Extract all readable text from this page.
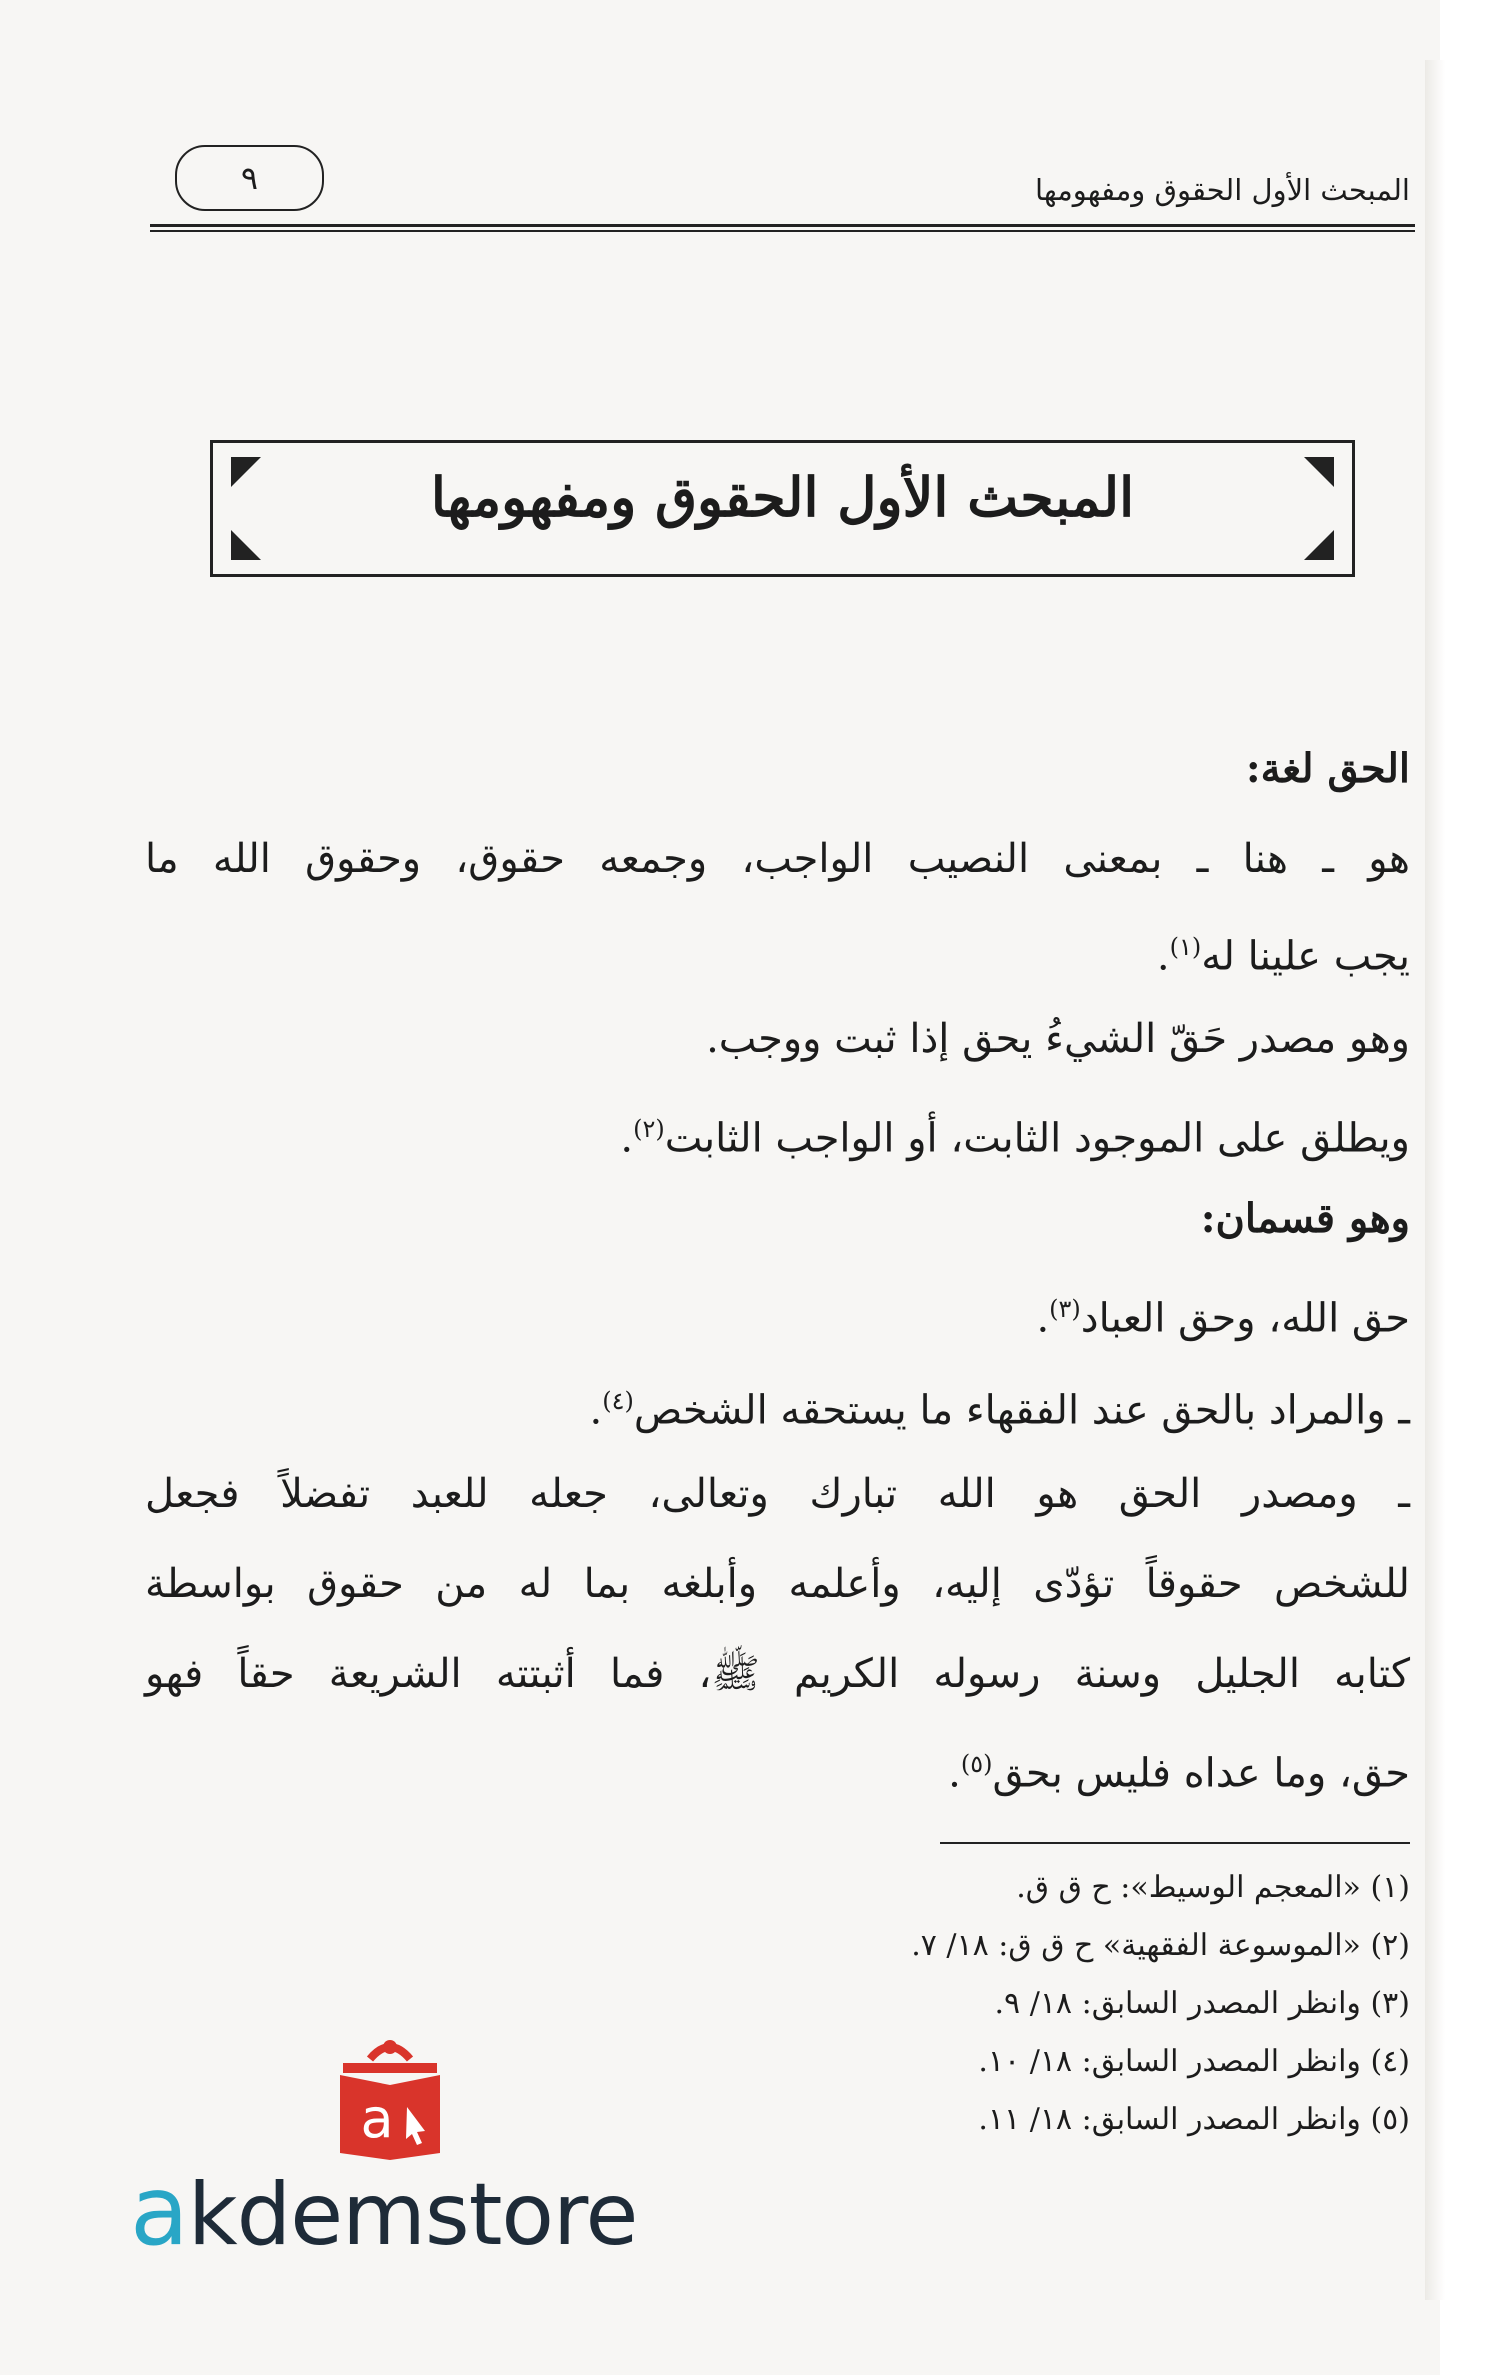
٩	المبحث الأول الحقوق ومفهومها
المبحث الأول الحقوق ومفهومها
الحق لغة:
هو ـ هنا ـ بمعنى النصيب الواجب، وجمعه حقوق، وحقوق الله ما
يجب علينا له$^{(١)}$.
وهو مصدر حَقّ الشيءُ يحق إذا ثبت ووجب.
ويطلق على الموجود الثابت، أو الواجب الثابت$^{(٢)}$.
وهو قسمان:
حق الله، وحق العباد$^{(٣)}$.
ـ والمراد بالحق عند الفقهاء ما يستحقه الشخص$^{(٤)}$.
ـ ومصدر الحق هو الله تبارك وتعالى، جعله للعبد تفضلاً فجعل
للشخص حقوقاً تؤدّى إليه، وأعلمه وأبلغه بما له من حقوق بواسطة
كتابه الجليل وسنة رسوله الكريم ﷺ، فما أثبتته الشريعة حقاً فهو
حق، وما عداه فليس بحق$^{(٥)}$.
(١) «المعجم الوسيط»: ح ق ق.
(٢) «الموسوعة الفقهية» ح ق ق: ١٨/ ٧.
(٣) وانظر المصدر السابق: ١٨/ ٩.
(٤) وانظر المصدر السابق: ١٨/ ١٠.
(٥) وانظر المصدر السابق: ١٨/ ١١.
a
akdemstore
